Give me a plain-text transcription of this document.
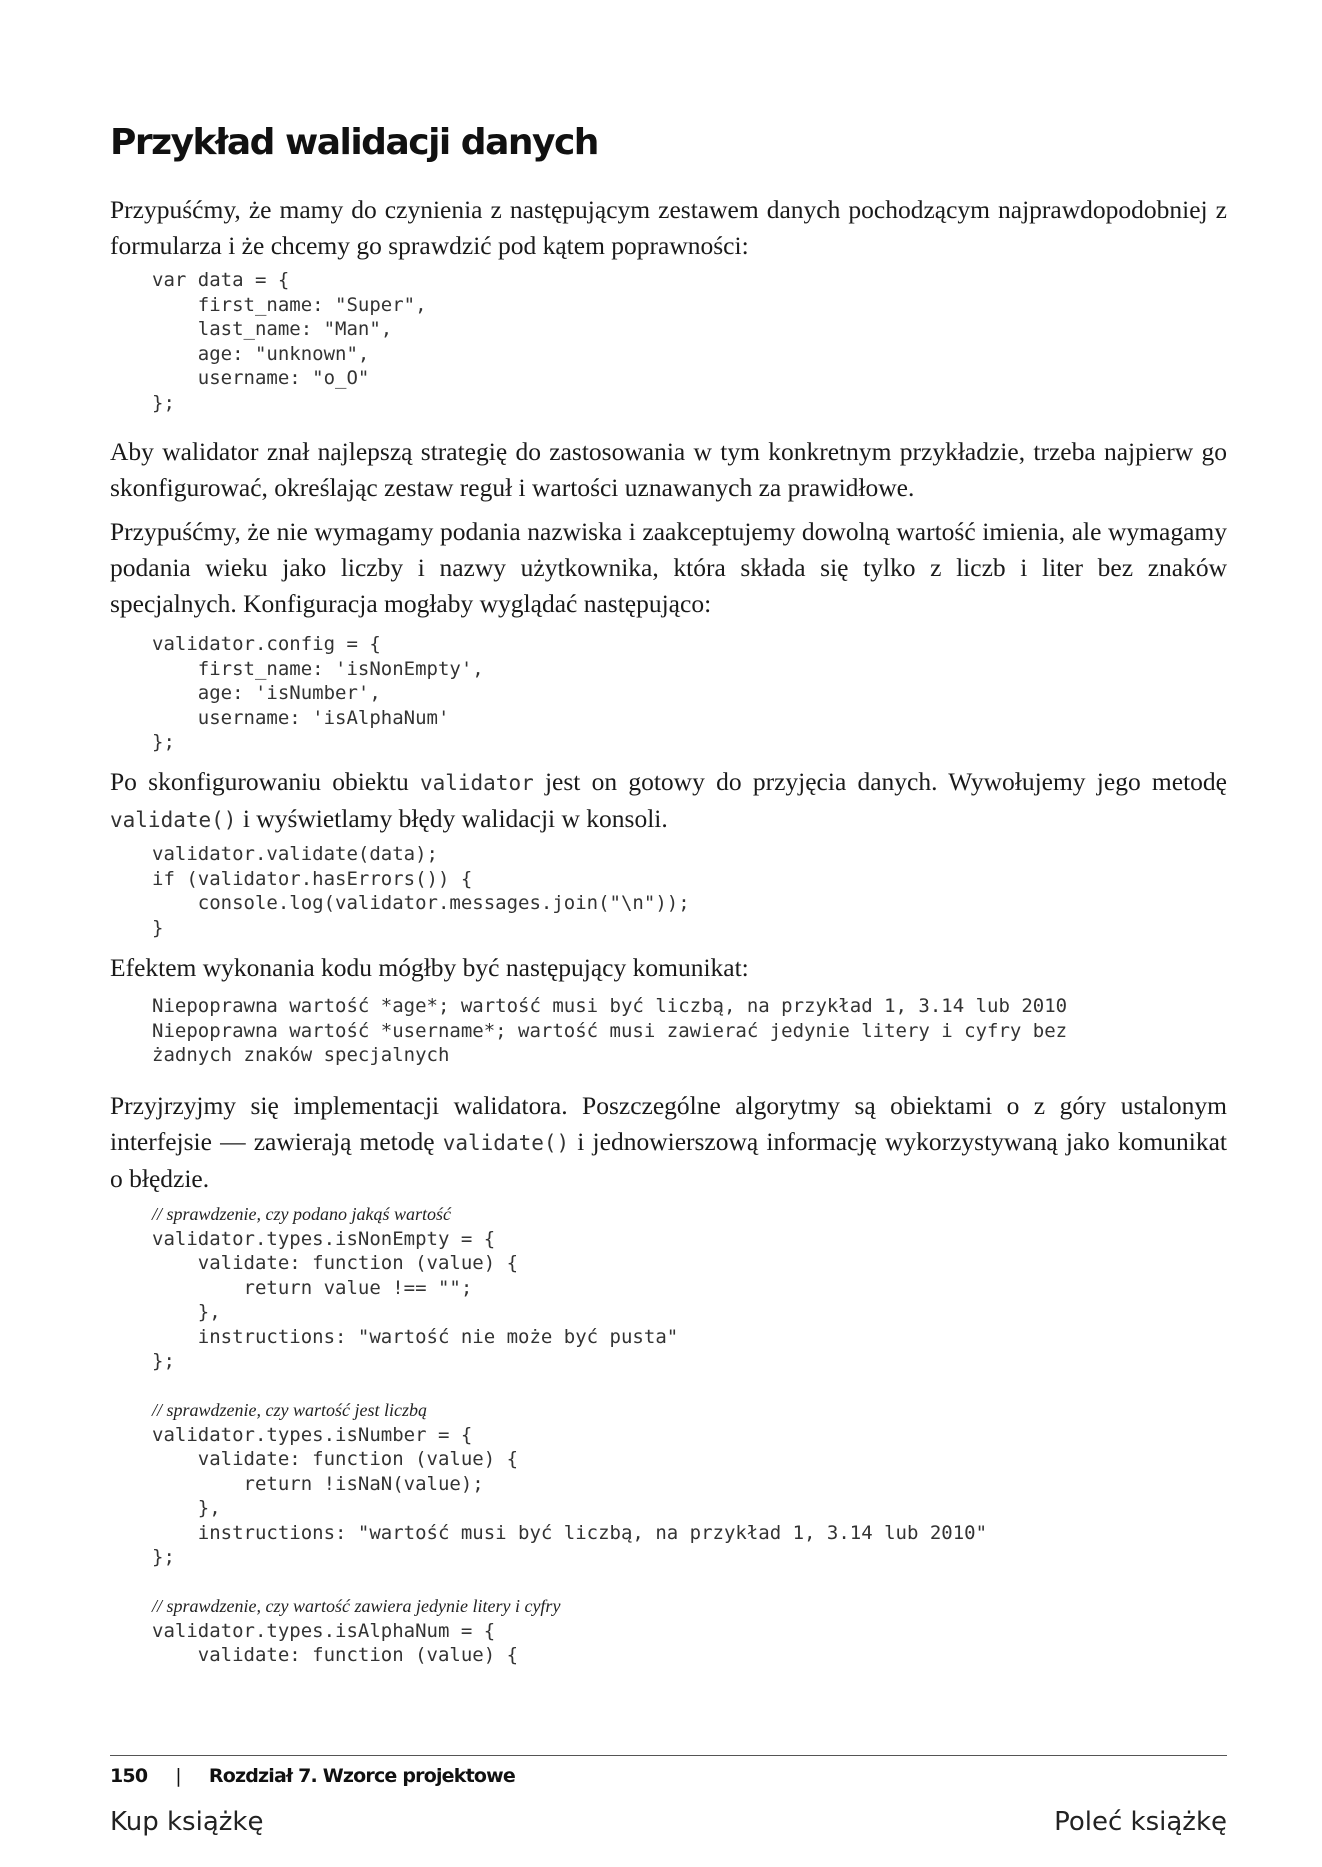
Przykład walidacji danych

Przypuśćmy, że mamy do czynienia z następującym zestawem danych pochodzącym najprawdopodobniej z formularza i że chcemy go sprawdzić pod kątem poprawności:

var data = {
first_name: "Super",
last_name: "Man",
age: "unknown",
username: "o_O"
};

Aby walidator znał najlepszą strategię do zastosowania w tym konkretnym przykładzie, trzeba najpierw go skonfigurować, określając zestaw reguł i wartości uznawanych za prawidłowe.

Przypuśćmy, że nie wymagamy podania nazwiska i zaakceptujemy dowolną wartość imienia, ale wymagamy podania wieku jako liczby i nazwy użytkownika, która składa się tylko z liczb i liter bez znaków specjalnych. Konfiguracja mogłaby wyglądać następująco:

validator.config = {
first_name: 'isNonEmpty',
age: 'isNumber',
username: 'isAlphaNum'
};

Po skonfigurowaniu obiektu validator jest on gotowy do przyjęcia danych. Wywołujemy jego metodę validate() i wyświetlamy błędy walidacji w konsoli.

validator.validate(data);
if (validator.hasErrors()) {
console.log(validator.messages.join("\n"));
}

Efektem wykonania kodu mógłby być następujący komunikat:

Niepoprawna wartość *age*; wartość musi być liczbą, na przykład 1, 3.14 lub 2010
Niepoprawna wartość *username*; wartość musi zawierać jedynie litery i cyfry bez
żadnych znaków specjalnych

Przyjrzyjmy się implementacji walidatora. Poszczególne algorytmy są obiektami o z góry ustalonym interfejsie — zawierają metodę validate() i jednowierszową informację wykorzystywaną jako komunikat o błędzie.

// sprawdzenie, czy podano jakąś wartość
validator.types.isNonEmpty = {
validate: function (value) {
return value !== "";
},
instructions: "wartość nie może być pusta"
};

// sprawdzenie, czy wartość jest liczbą
validator.types.isNumber = {
validate: function (value) {
return !isNaN(value);
},
instructions: "wartość musi być liczbą, na przykład 1, 3.14 lub 2010"
};

// sprawdzenie, czy wartość zawiera jedynie litery i cyfry
validator.types.isAlphaNum = {
validate: function (value) {
150 | Rozdział 7. Wzorce projektowe
Kup książkę	Poleć książkę
